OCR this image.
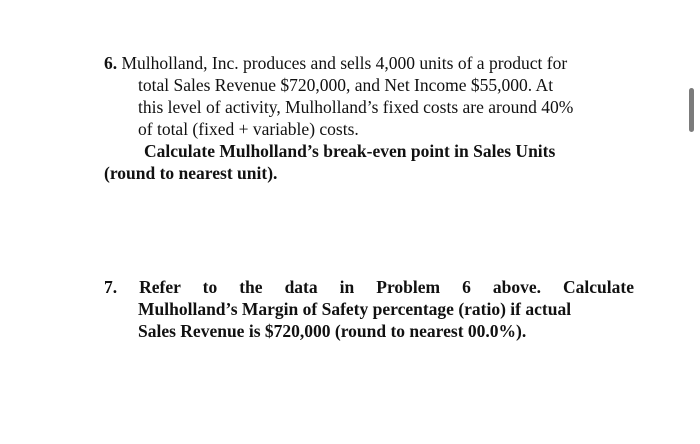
6. Mulholland, Inc. produces and sells 4,000 units of a product for
total Sales Revenue $720,000, and Net Income $55,000. At
this level of activity, Mulholland’s fixed costs are around 40%
of total (fixed + variable) costs.
Calculate Mulholland’s break-even point in Sales Units
(round to nearest unit).
7. Refer to the data in Problem 6 above. Calculate
Mulholland’s Margin of Safety percentage (ratio) if actual
Sales Revenue is $720,000 (round to nearest 00.0%).
